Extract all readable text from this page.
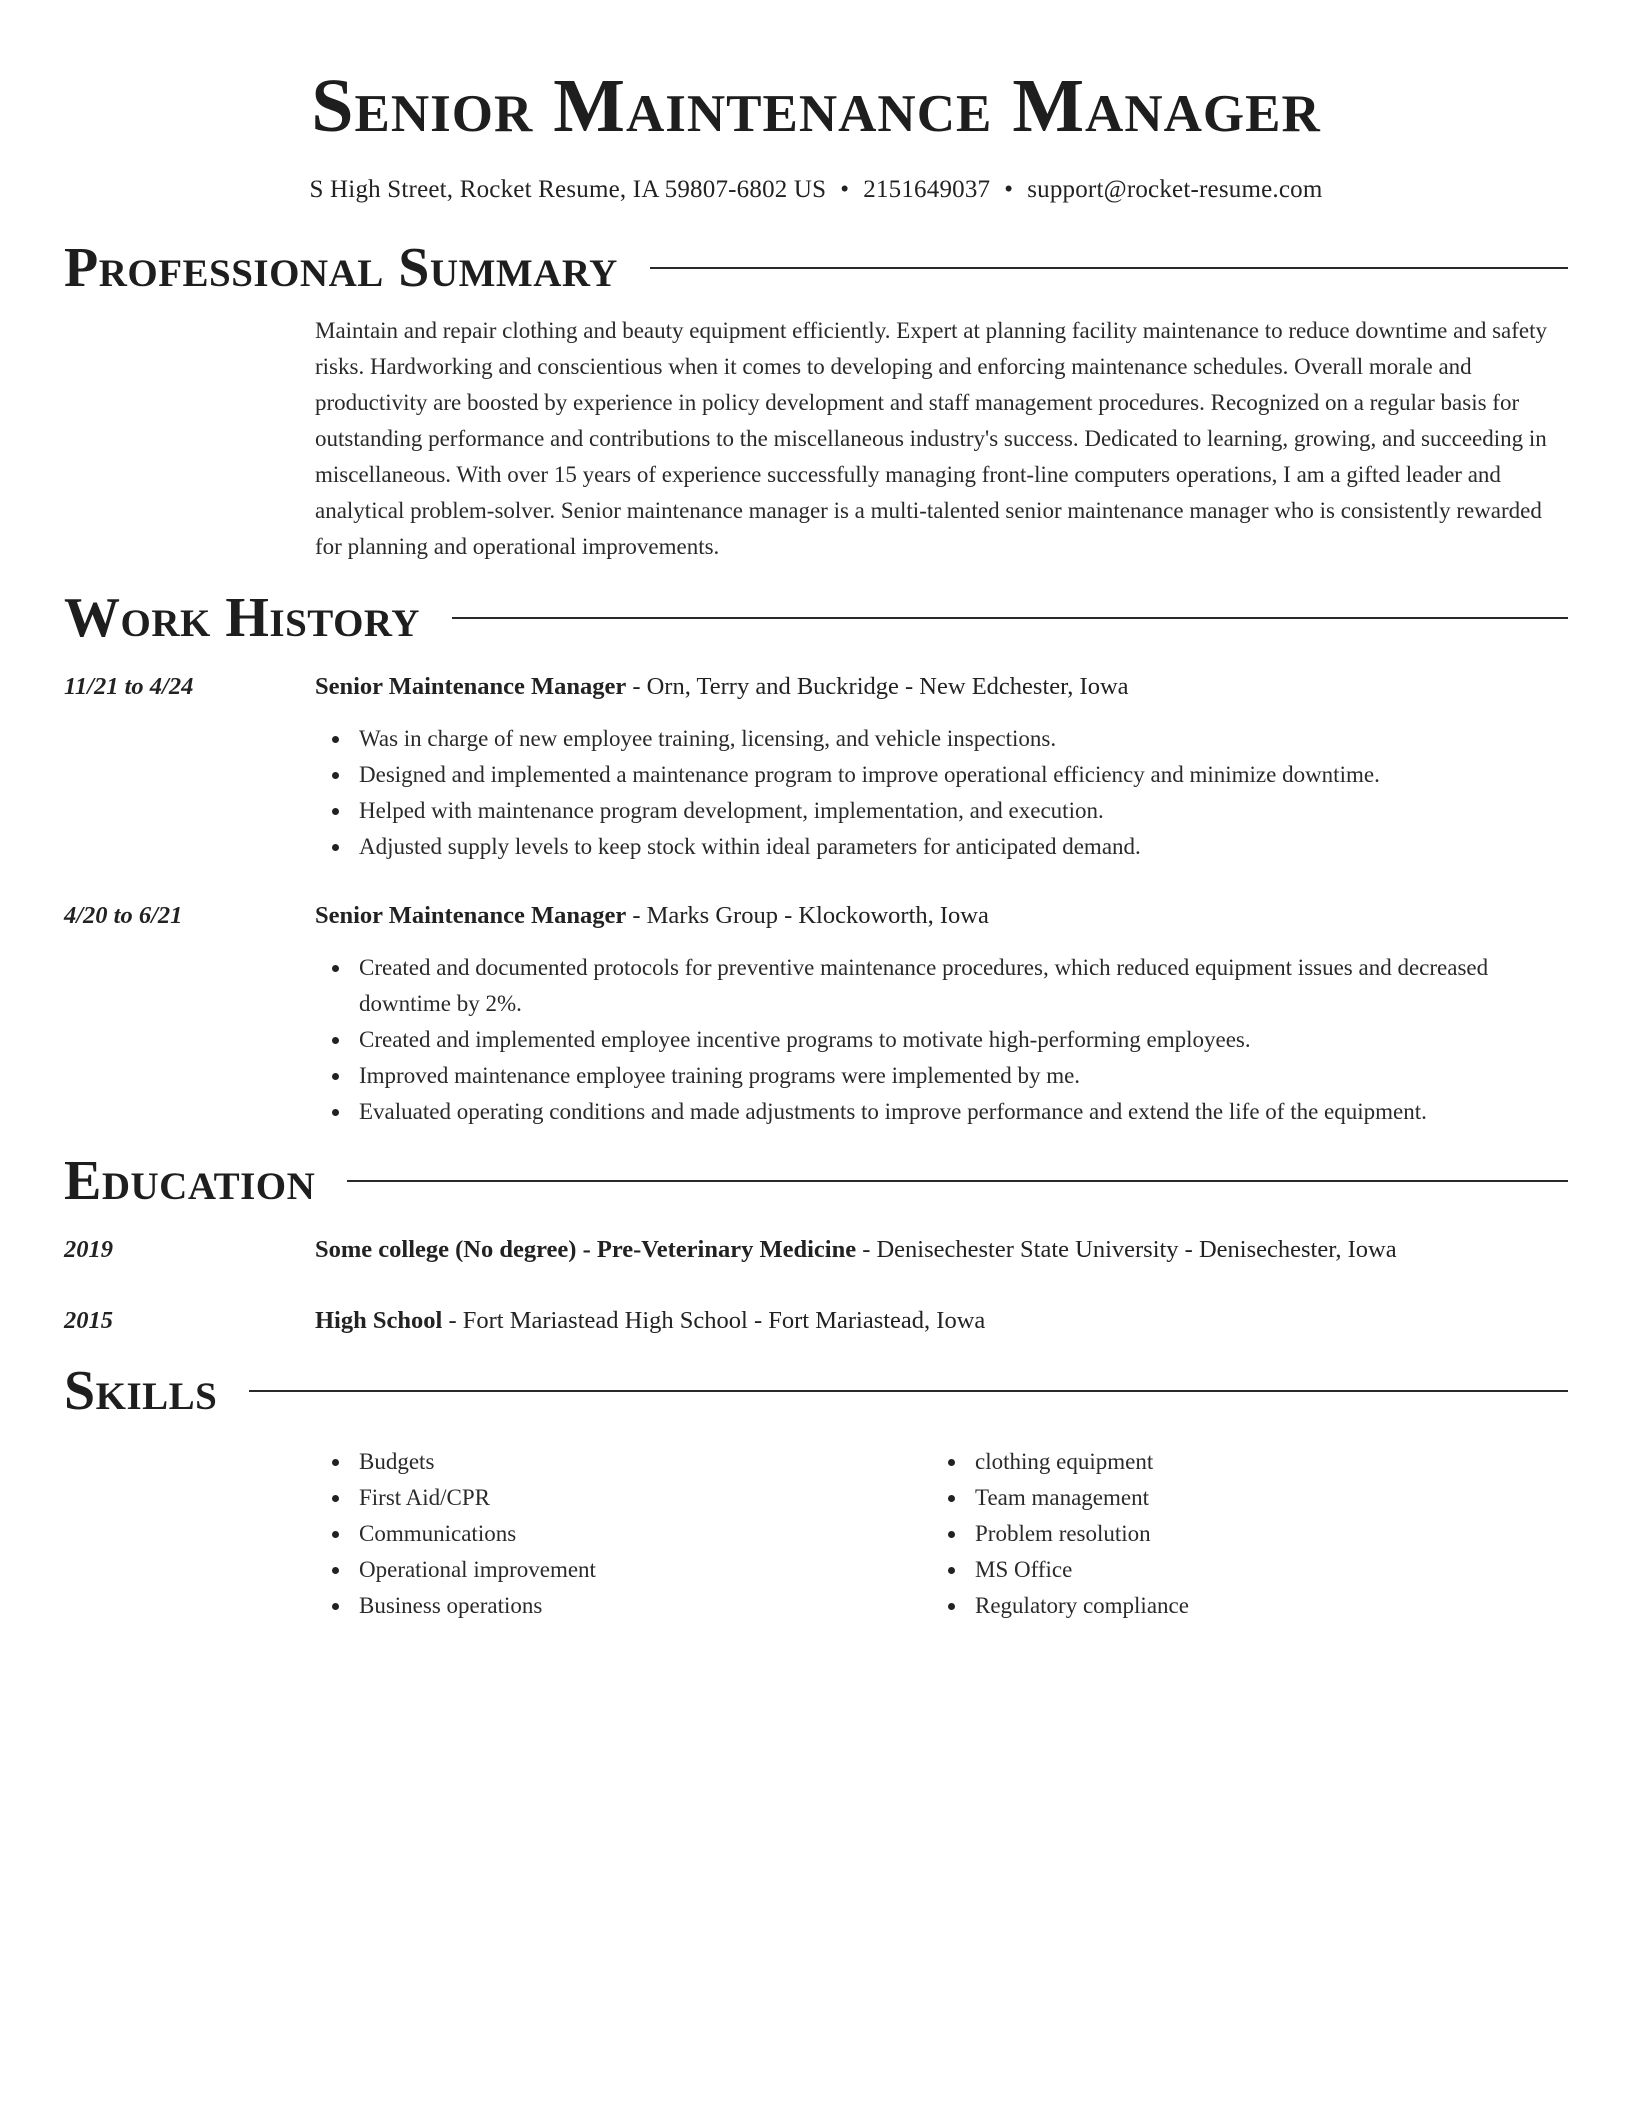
Senior Maintenance Manager
S High Street, Rocket Resume, IA 59807-6802 US • 2151649037 • support@rocket-resume.com
Professional Summary

Maintain and repair clothing and beauty equipment efficiently. Expert at planning facility maintenance to reduce downtime and safety risks. Hardworking and conscientious when it comes to developing and enforcing maintenance schedules. Overall morale and productivity are boosted by experience in policy development and staff management procedures. Recognized on a regular basis for outstanding performance and contributions to the miscellaneous industry's success. Dedicated to learning, growing, and succeeding in miscellaneous. With over 15 years of experience successfully managing front-line computers operations, I am a gifted leader and analytical problem-solver. Senior maintenance manager is a multi-talented senior maintenance manager who is consistently rewarded for planning and operational improvements.

Work History
11/21 to 4/24	Senior Maintenance Manager - Orn, Terry and Buckridge - New Edchester, Iowa
Was in charge of new employee training, licensing, and vehicle inspections.
Designed and implemented a maintenance program to improve operational efficiency and minimize downtime.
Helped with maintenance program development, implementation, and execution.
Adjusted supply levels to keep stock within ideal parameters for anticipated demand.
4/20 to 6/21	Senior Maintenance Manager - Marks Group - Klockoworth, Iowa
Created and documented protocols for preventive maintenance procedures, which reduced equipment issues and decreased downtime by 2%.
Created and implemented employee incentive programs to motivate high-performing employees.
Improved maintenance employee training programs were implemented by me.
Evaluated operating conditions and made adjustments to improve performance and extend the life of the equipment.
Education
2019	Some college (No degree) - Pre-Veterinary Medicine - Denisechester State University - Denisechester, Iowa
2015	High School - Fort Mariastead High School - Fort Mariastead, Iowa
Skills
Budgets
First Aid/CPR
Communications
Operational improvement
Business operations
clothing equipment
Team management
Problem resolution
MS Office
Regulatory compliance
